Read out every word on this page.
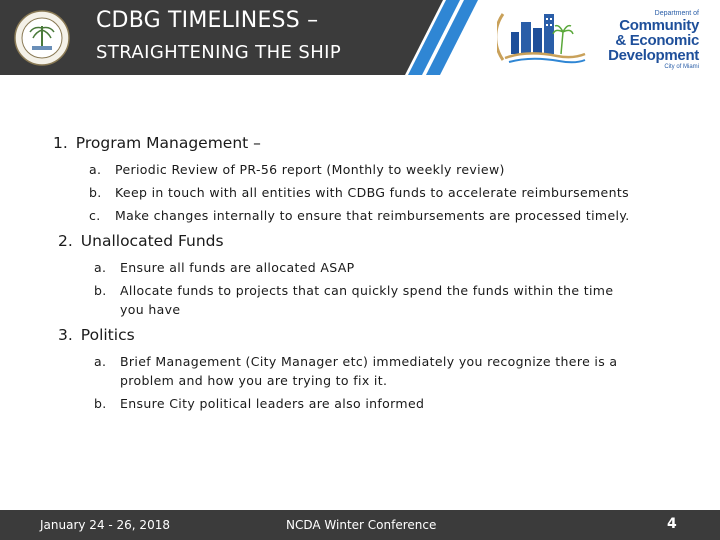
CDBG TIMELINESS –
STRAIGHTENING THE SHIP
Department of
Community
& Economic
Development
City of Miami
1. Program Management –
a. Periodic Review of PR-56 report (Monthly to weekly review)
b. Keep in touch with all entities with CDBG funds to accelerate reimbursements
c. Make changes internally to ensure that reimbursements are processed timely.
2. Unallocated Funds
a. Ensure all funds are allocated ASAP
b. Allocate funds to projects that can quickly spend the funds within the time
you have
3. Politics
a. Brief Management (City Manager etc) immediately you recognize there is a
problem and how you are trying to fix it.
b. Ensure City political leaders are also informed
January 24 - 26, 2018	NCDA Winter Conference	4
